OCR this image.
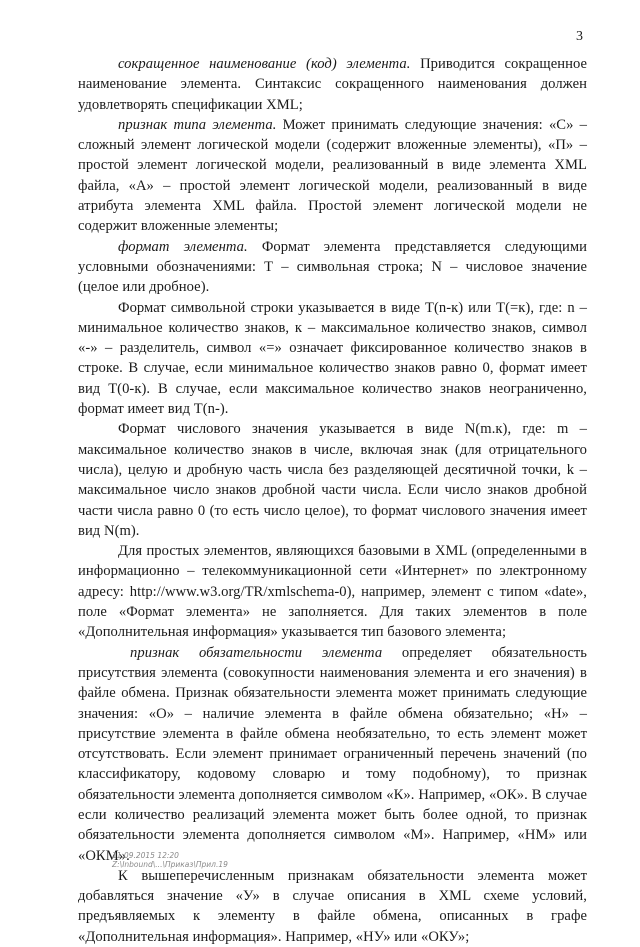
3

сокращенное наименование (код) элемента. Приводится сокращенное наименование элемента. Синтаксис сокращенного наименования должен удовлетворять спецификации XML;

признак типа элемента. Может принимать следующие значения: «С» – сложный элемент логической модели (содержит вложенные элементы), «П» – простой элемент логической модели, реализованный в виде элемента XML файла, «А» – простой элемент логической модели, реализованный в виде атрибута элемента XML файла. Простой элемент логической модели не содержит вложенные элементы;

формат элемента. Формат элемента представляется следующими условными обозначениями: Т – символьная строка; N – числовое значение (целое или дробное).

Формат символьной строки указывается в виде Т(n-к) или Т(=к), где: n – минимальное количество знаков, к – максимальное количество знаков, символ «-» – разделитель, символ «=» означает фиксированное количество знаков в строке. В случае, если минимальное количество знаков равно 0, формат имеет вид Т(0-к). В случае, если максимальное количество знаков неограниченно, формат имеет вид Т(n-).

Формат числового значения указывается в виде N(m.к), где: m – максимальное количество знаков в числе, включая знак (для отрицательного числа), целую и дробную часть числа без разделяющей десятичной точки, k – максимальное число знаков дробной части числа. Если число знаков дробной части числа равно 0 (то есть число целое), то формат числового значения имеет вид N(m).

Для простых элементов, являющихся базовыми в XML (определенными в информационно – телекоммуникационной сети «Интернет» по электронному адресу: http://www.w3.org/TR/xmlschema-0), например, элемент с типом «date», поле «Формат элемента» не заполняется. Для таких элементов в поле «Дополнительная информация» указывается тип базового элемента;

признак обязательности элемента определяет обязательность присутствия элемента (совокупности наименования элемента и его значения) в файле обмена. Признак обязательности элемента может принимать следующие значения: «О» – наличие элемента в файле обмена обязательно; «Н» – присутствие элемента в файле обмена необязательно, то есть элемент может отсутствовать. Если элемент принимает ограниченный перечень значений (по классификатору, кодовому словарю и тому подобному), то признак обязательности элемента дополняется символом «К». Например, «ОК». В случае если количество реализаций элемента может быть более одной, то признак обязательности элемента дополняется символом «М». Например, «НМ» или «ОКМ».

К вышеперечисленным признакам обязательности элемента может добавляться значение «У» в случае описания в XML схеме условий, предъявляемых к элементу в файле обмена, описанных в графе «Дополнительная информация». Например, «НУ» или «ОКУ»;

11.09.2015 12:20
Z:\Inbound\...\Приказ\Прил.19
